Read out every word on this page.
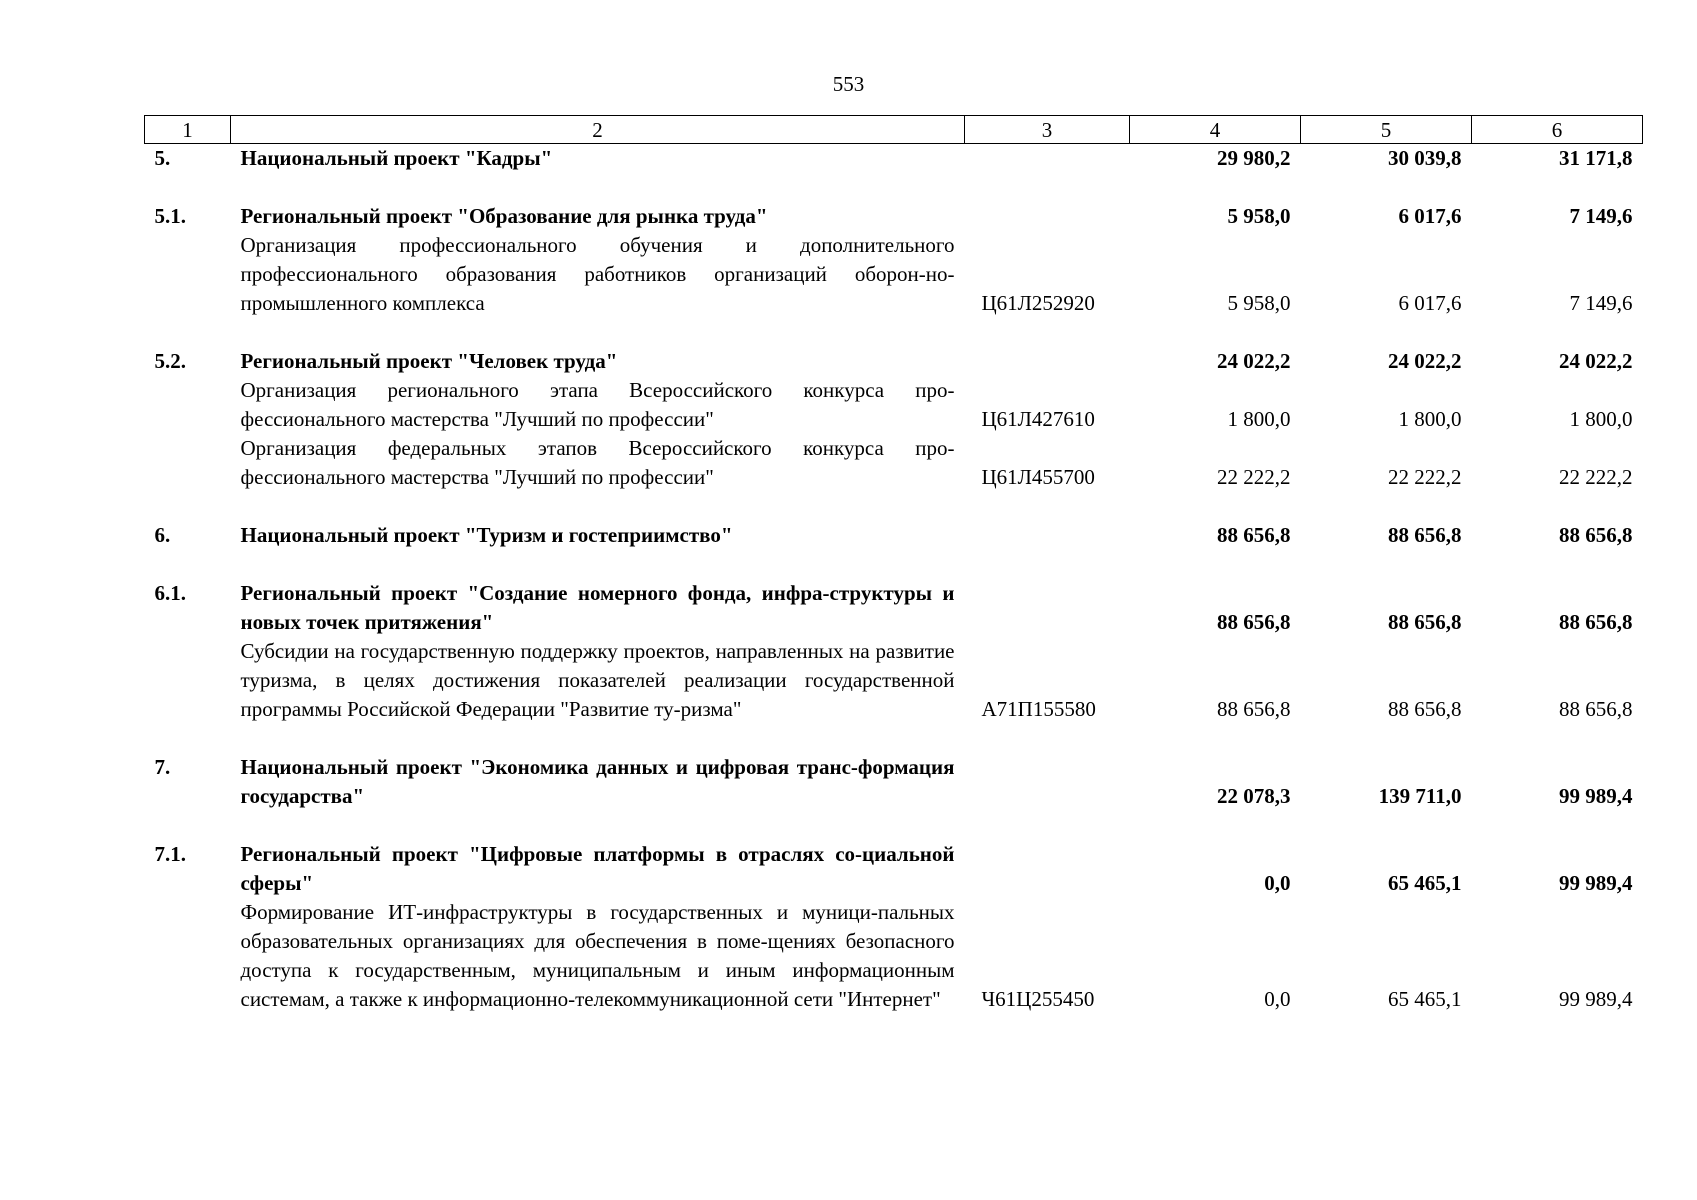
553
1	2	3	4	5	6
5.	Национальный проект "Кадры"		29 980,2	30 039,8	31 171,8

5.1.	Региональный проект "Образование для рынка труда"		5 958,0	6 017,6	7 149,6
	Организация профессионального обучения и дополнительного профессионального образования работников организаций оборон-но-промышленного комплекса	Ц61Л252920	5 958,0	6 017,6	7 149,6

5.2.	Региональный проект "Человек труда"		24 022,2	24 022,2	24 022,2
	Организация регионального этапа Всероссийского конкурса про-фессионального мастерства "Лучший по профессии"	Ц61Л427610	1 800,0	1 800,0	1 800,0
	Организация федеральных этапов Всероссийского конкурса про-фессионального мастерства "Лучший по профессии"	Ц61Л455700	22 222,2	22 222,2	22 222,2

6.	Национальный проект "Туризм и гостеприимство"		88 656,8	88 656,8	88 656,8

6.1.	Региональный проект "Создание номерного фонда, инфра-структуры и новых точек притяжения"		88 656,8	88 656,8	88 656,8
	Субсидии на государственную поддержку проектов, направленных на развитие туризма, в целях достижения показателей реализации государственной программы Российской Федерации "Развитие ту-ризма"	А71П155580	88 656,8	88 656,8	88 656,8

7.	Национальный проект "Экономика данных и цифровая транс-формация государства"		22 078,3	139 711,0	99 989,4

7.1.	Региональный проект "Цифровые платформы в отраслях со-циальной сферы"		0,0	65 465,1	99 989,4
	Формирование ИТ-инфраструктуры в государственных и муници-пальных образовательных организациях для обеспечения в поме-щениях безопасного доступа к государственным, муниципальным и иным информационным системам, а также к информационно-телекоммуникационной сети "Интернет"	Ч61Ц255450	0,0	65 465,1	99 989,4
